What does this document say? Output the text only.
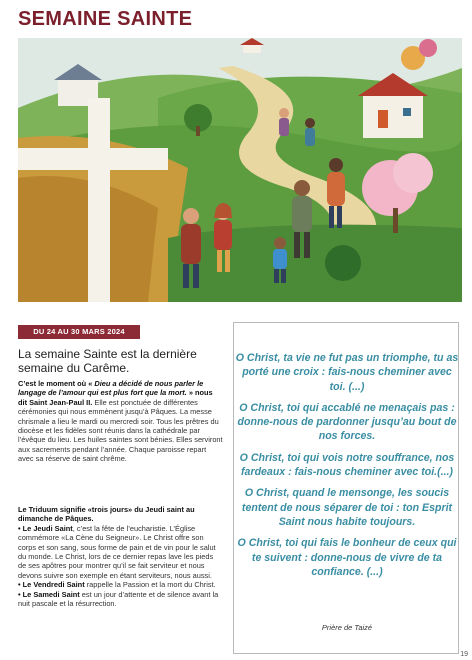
SEMAINE SAINTE
DU 24 AU 30 MARS 2024
La semaine Sainte est la dernière semaine du Carême.
C’est le moment où « Dieu a décidé de nous parler le langage de l’amour qui est plus fort que la mort. » nous dit Saint Jean-Paul II. Elle est ponctuée de différentes cérémonies qui nous emmènent jusqu’à Pâques. La messe chrismale a lieu le mardi ou mercredi soir. Tous les prêtres du diocèse et les fidèles sont réunis dans la cathédrale par l’évêque du lieu. Les huiles saintes sont bénies. Elles serviront aux sacrements pendant l’année. Chaque paroisse repart avec sa réserve de saint chrême.
Le Triduum signifie «trois jours» du Jeudi saint au dimanche de Pâques.
• Le Jeudi Saint, c’est la fête de l’eucharistie. L’Église commémore «La Cène du Seigneur». Le Christ offre son corps et son sang, sous forme de pain et de vin pour le salut du monde. Le Christ, lors de ce dernier repas lave les pieds de ses apôtres pour montrer qu’il se fait serviteur et nous devons suivre son exemple en étant serviteurs, nous aussi.
• Le Vendredi Saint rappelle la Passion et la mort du Christ.
• Le Samedi Saint est un jour d’attente et de silence avant la nuit pascale et la résurrection.

O Christ, ta vie ne fut pas un triomphe, tu as porté une croix : fais-nous cheminer avec toi. (...)

O Christ, toi qui accablé ne menaçais pas : donne-nous de pardonner jusqu’au bout de nos forces.

O Christ, toi qui vois notre souffrance, nos fardeaux : fais-nous cheminer avec toi.(...)

O Christ, quand le mensonge, les soucis tentent de nous séparer de toi : ton Esprit Saint nous habite toujours.

O Christ, toi qui fais le bonheur de ceux qui te suivent : donne-nous de vivre de ta confiance. (...)

Prière de Taizé
19
